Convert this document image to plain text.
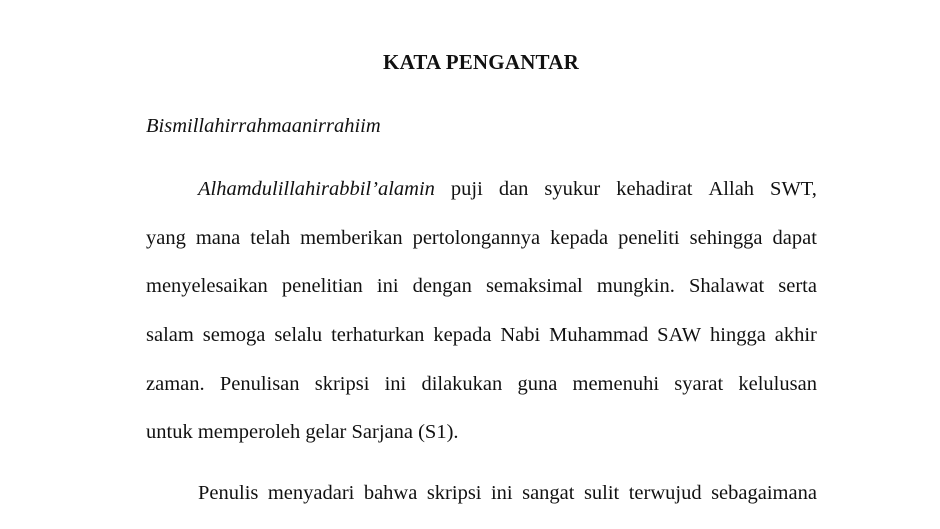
KATA PENGANTAR

Bismillahirrahmaanirrahiim

Alhamdulillahirabbil’alamin puji dan syukur kehadirat Allah SWT,
yang mana telah memberikan pertolongannya kepada peneliti sehingga dapat
menyelesaikan penelitian ini dengan semaksimal mungkin. Shalawat serta
salam semoga selalu terhaturkan kepada Nabi Muhammad SAW hingga akhir
zaman. Penulisan skripsi ini dilakukan guna memenuhi syarat kelulusan
untuk memperoleh gelar Sarjana (S1).
Penulis menyadari bahwa skripsi ini sangat sulit terwujud sebagaimana
